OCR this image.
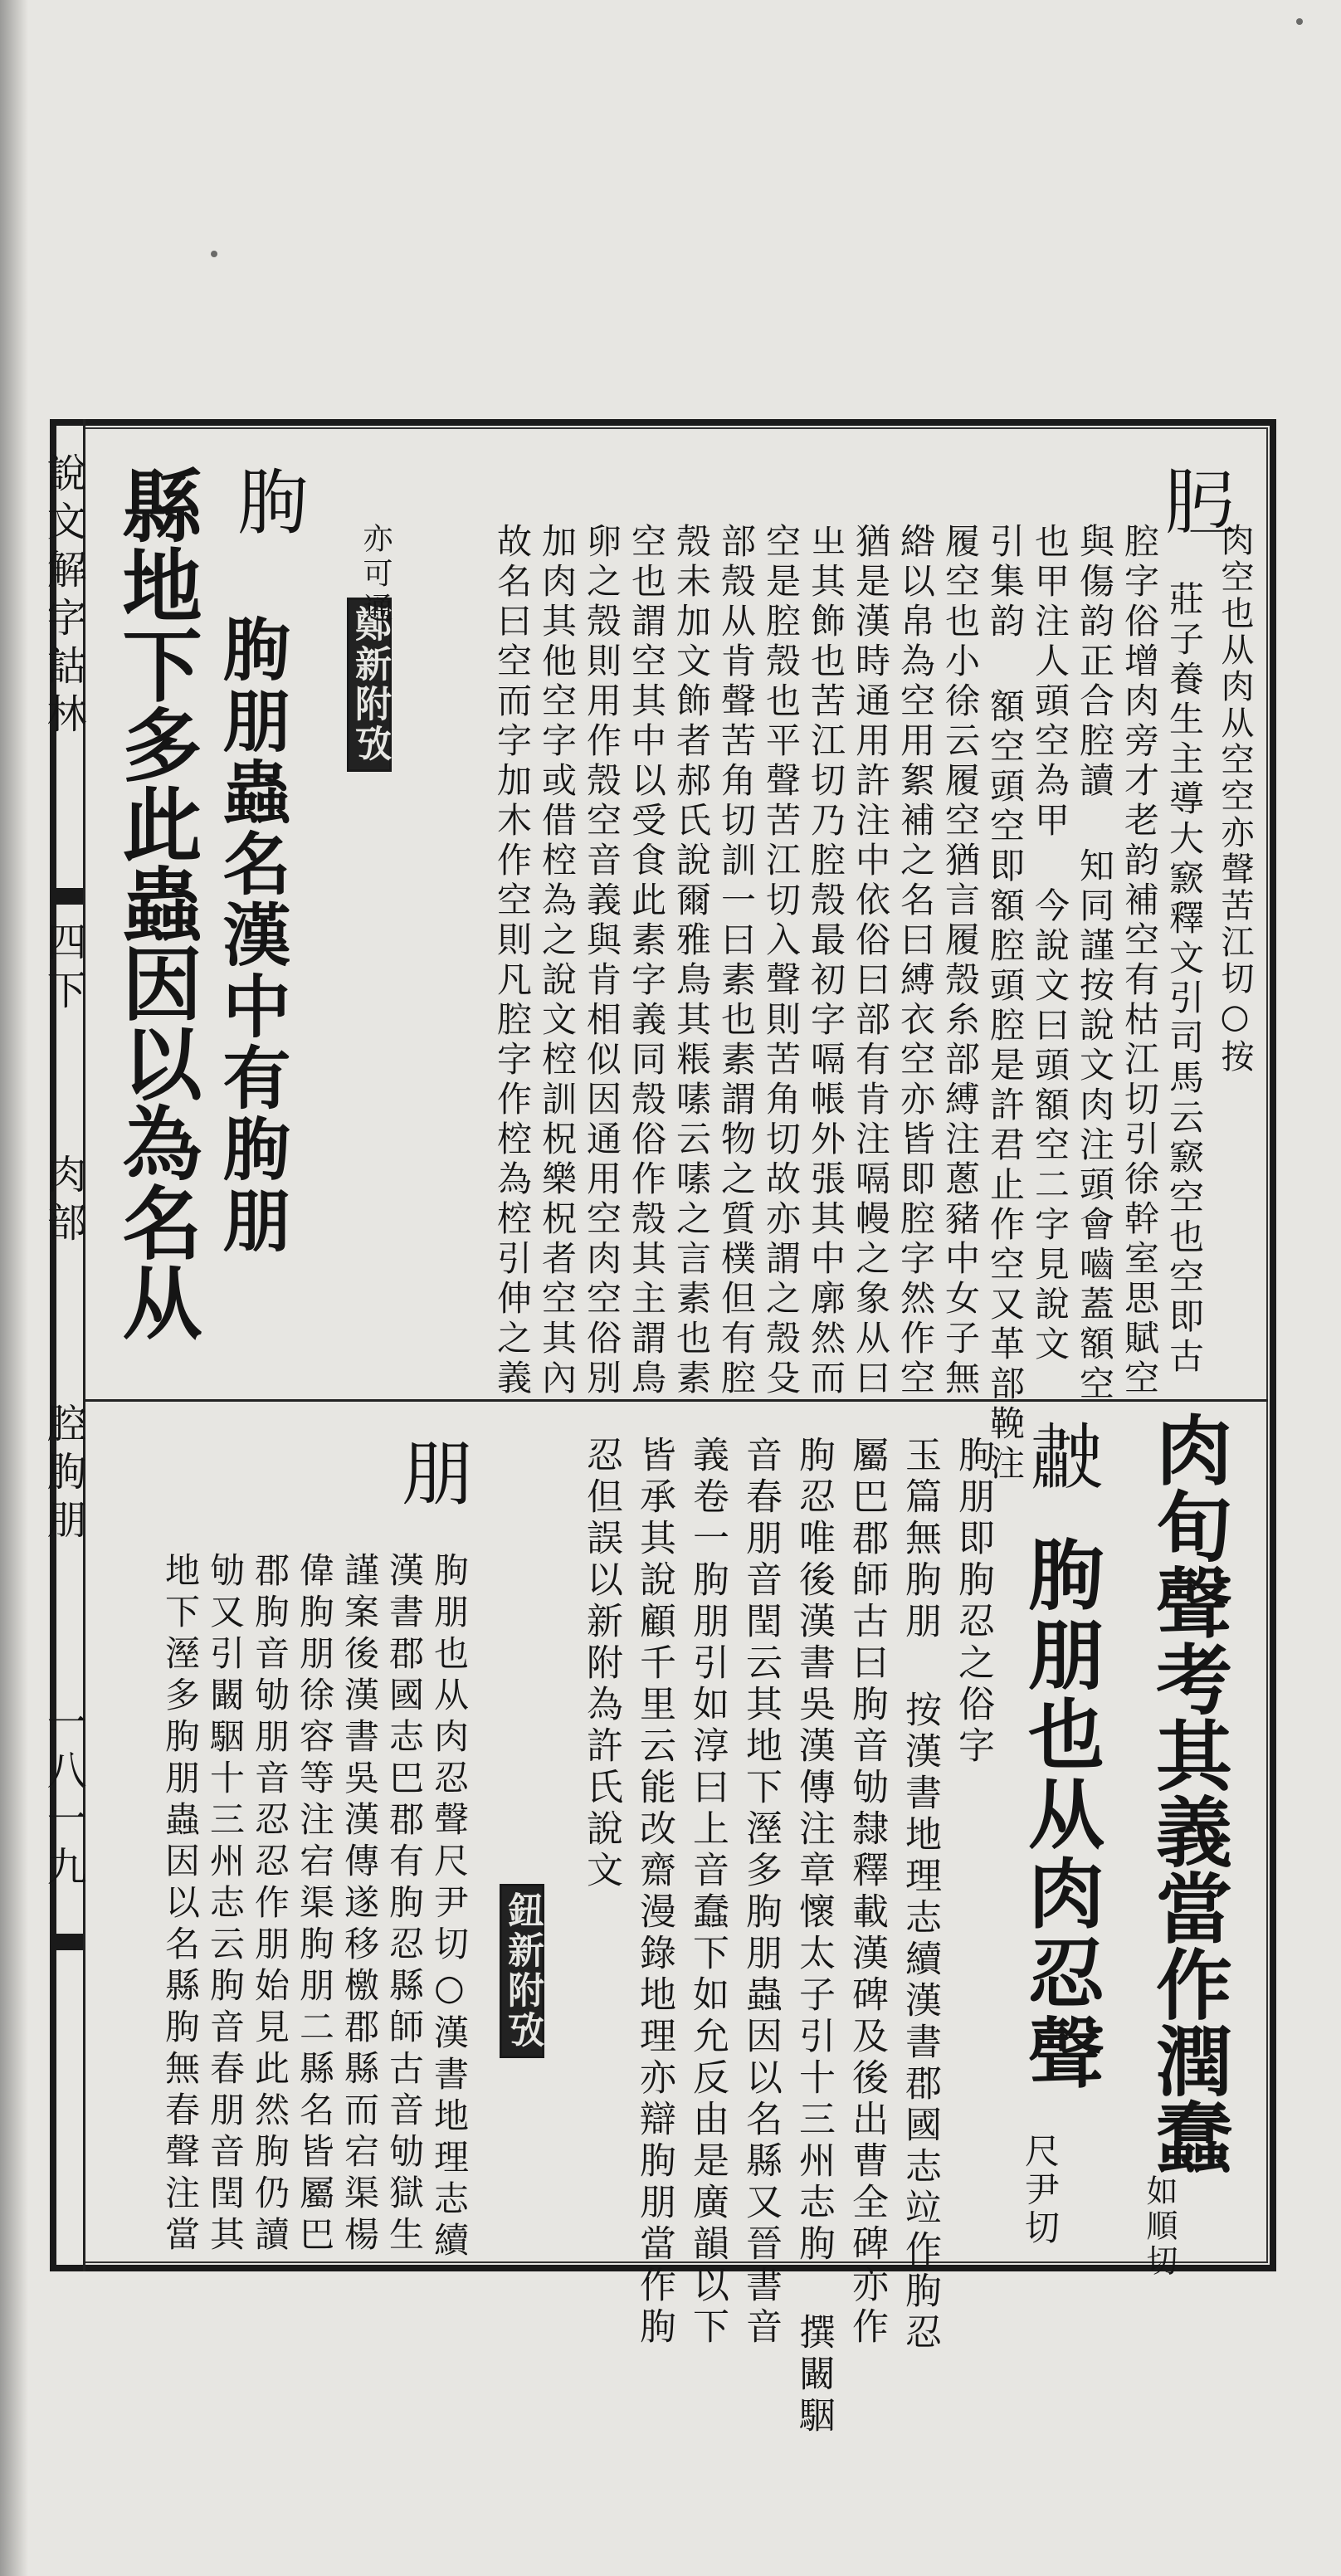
說文解字詁林
四下
肉部
腔朐朋
一八一九
𦙠
肉空也从肉从空空亦聲苦江切○按
莊子養生主導大窾釋文引司馬云窾空也空即古
腔字俗增肉旁才老韵補空有枯江切引徐幹室思賦空
與傷韵正合腔讀 知同謹按說文肉注頭會嚙蓋額空
也甲注人頭空為甲 今說文曰頭額空二字見說文
引集韵 額空頭空即額腔頭腔是許君止作空又革部鞔注
履空也小徐云履空猶言履殼糸部縛注蔥豬中女子無
綹以帛為空用絮補之名曰縛衣空亦皆即腔字然作空
猶是漢時通用許注中依俗曰部有肯注嗝幔之象从曰
㞢其飾也苦江切乃腔殼最初字嗝帳外張其中廓然而
空是腔殼也平聲苦江切入聲則苦角切故亦謂之殼殳
部殼从肯聲苦角切訓一曰素也素謂物之質樸但有腔
殼未加文飾者郝氏說爾雅鳥其粻嗉云嗉之言素也素
空也謂空其中以受食此素字義同殼俗作殼其主謂鳥
卵之殼則用作殼空音義與肯相似因通用空肉空俗別
加肉其他空字或借椌為之說文椌訓柷樂柷者空其內
故名曰空而字加木作空則凡腔字作椌為椌引伸之義
鄭新附攷
亦可通
朐
朐朋蟲名漢中有朐朋
縣地下多此蟲因以為名从
𦘤 肉旬聲考其義當作潤蠢
如順切
朐朋也从肉忍聲
尺尹切
朐朋即朐忍之俗字
玉篇無朐朋 按漢書地理志續漢書郡國志竝作朐忍
屬巴郡師古曰朐音劬隸釋載漢碑及後出曹全碑亦作
朐忍唯後漢書吳漢傳注章懷太子引十三州志朐 撰闞駰
音春朋音閏云其地下溼多朐朋蟲因以名縣又晉書音
義卷一朐朋引如淳曰上音蠢下如允反由是廣韻以下
皆承其說顧千里云能改齋漫錄地理亦辯朐朋當作朐
忍但誤以新附為許氏說文
鈕新附攷
朋
朐朋也从肉忍聲尺尹切○漢書地理志續
漢書郡國志巴郡有朐忍縣師古音劬獄生
謹案後漢書吳漢傳遂移檄郡縣而宕渠楊
偉朐朋徐容等注宕渠朐朋二縣名皆屬巴
郡朐音劬朋音忍忍作朋始見此然朐仍讀
劬又引闞駰十三州志云朐音春朋音閏其
地下溼多朐朋蟲因以名縣朐無春聲注當
